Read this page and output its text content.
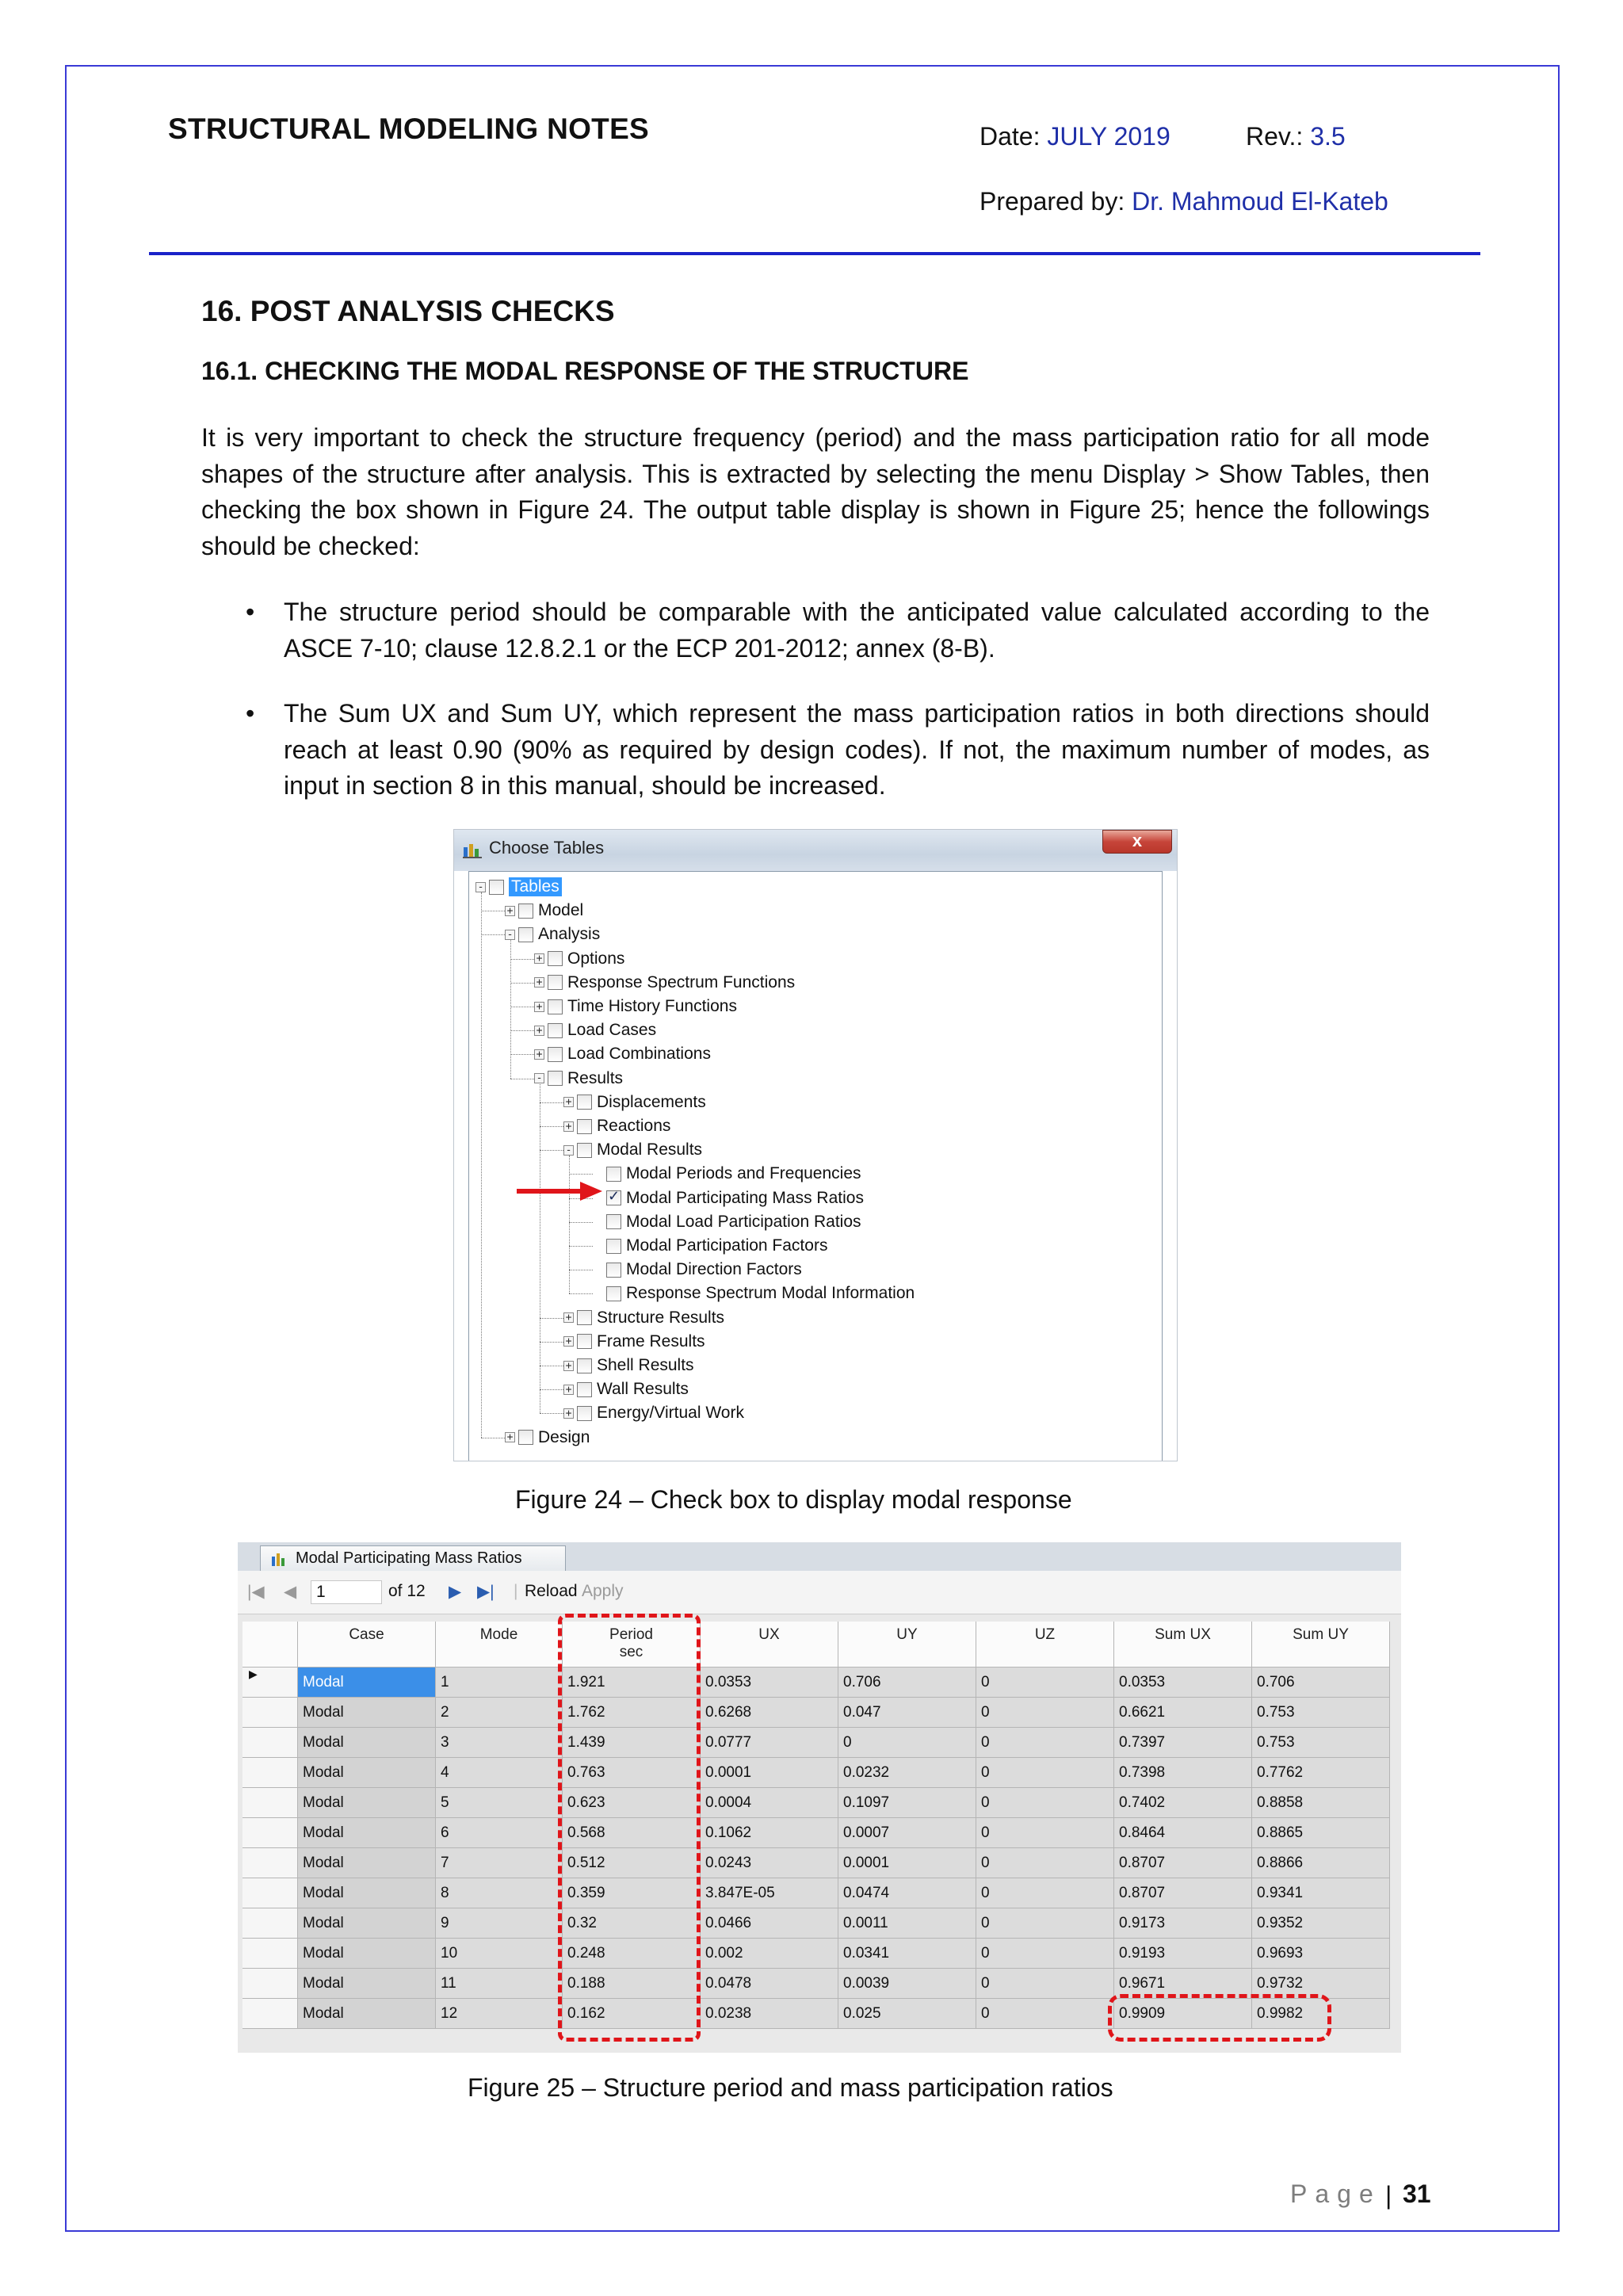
STRUCTURAL MODELING NOTES	Date: JULY 2019	Rev.: 3.5
Prepared by: Dr. Mahmoud El-Kateb
16. POST ANALYSIS CHECKS
16.1. CHECKING THE MODAL RESPONSE OF THE STRUCTURE
It is very important to check the structure frequency (period) and the mass participation ratio for all mode shapes of the structure after analysis. This is extracted by selecting the menu Display > Show Tables, then checking the box shown in Figure 24. The output table display is shown in Figure 25; hence the followings should be checked:
• The structure period should be comparable with the anticipated value calculated according to the ASCE 7-10; clause 12.8.2.1 or the ECP 201-2012; annex (8-B).
• The Sum UX and Sum UY, which represent the mass participation ratios in both directions should reach at least 0.90 (90% as required by design codes). If not, the maximum number of modes, as input in section 8 in this manual, should be increased.
Choose Tables	x
- Tables
+ Model
- Analysis
+ Options
+ Response Spectrum Functions
+ Time History Functions
+ Load Cases
+ Load Combinations
- Results
+ Displacements
+ Reactions
- Modal Results
Modal Periods and Frequencies
✓
Modal Participating Mass Ratios
Modal Load Participation Ratios
Modal Participation Factors
Modal Direction Factors
Response Spectrum Modal Information
+ Structure Results
+ Frame Results
+ Shell Results
+ Wall Results
+ Energy/Virtual Work
+ Design
Figure 24 – Check box to display modal response
Modal Participating Mass Ratios
|◀ ◀	1	of 12 ▶ ▶| | Reload Apply
Case	Mode	Period
sec
UX	UY	UZ	Sum UX	Sum UY
▶	Modal	1	1.921	0.0353	0.706	0	0.0353	0.706
Modal	2	1.762	0.6268	0.047	0	0.6621	0.753
Modal	3	1.439	0.0777	0	0	0.7397	0.753
Modal	4	0.763	0.0001	0.0232	0	0.7398	0.7762
Modal	5	0.623	0.0004	0.1097	0	0.7402	0.8858
Modal	6	0.568	0.1062	0.0007	0	0.8464	0.8865
Modal	7	0.512	0.0243	0.0001	0	0.8707	0.8866
Modal	8	0.359	3.847E-05	0.0474	0	0.8707	0.9341
Modal	9	0.32	0.0466	0.0011	0	0.9173	0.9352
Modal	10	0.248	0.002	0.0341	0	0.9193	0.9693
Modal	11	0.188	0.0478	0.0039	0	0.9671	0.9732
Modal	12	0.162	0.0238	0.025	0	0.9909	0.9982
Figure 25 – Structure period and mass participation ratios
Page | 31
